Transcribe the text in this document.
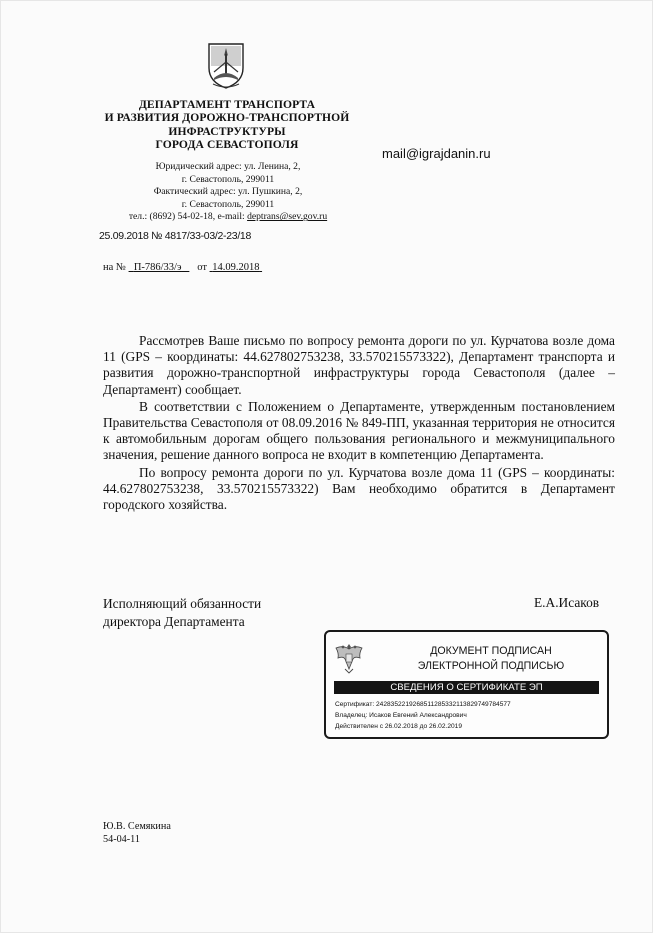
ДЕПАРТАМЕНТ ТРАНСПОРТА
И РАЗВИТИЯ ДОРОЖНО-ТРАНСПОРТНОЙ
ИНФРАСТРУКТУРЫ
ГОРОДА СЕВАСТОПОЛЯ
Юридический адрес: ул. Ленина, 2,
г. Севастополь, 299011
Фактический адрес: ул. Пушкина, 2,
г. Севастополь, 299011
тел.: (8692) 54-02-18, e-mail: deptrans@sev.gov.ru
mail@igrajdanin.ru
25.09.2018 № 4817/33-03/2-23/18
на № П-786/33/э от 14.09.2018

Рассмотрев Ваше письмо по вопросу ремонта дороги по ул. Курчатова возле дома 11 (GPS – координаты: 44.627802753238, 33.570215573322), Департамент транспорта и развития дорожно-транспортной инфраструктуры города Севастополя (далее – Департамент) сообщает.

В соответствии с Положением о Департаменте, утвержденным постановлением Правительства Севастополя от 08.09.2016 № 849-ПП, указанная территория не относится к автомобильным дорогам общего пользования регионального и межмуниципального значения, решение данного вопроса не входит в компетенцию Департамента.

По вопросу ремонта дороги по ул. Курчатова возле дома 11 (GPS – координаты: 44.627802753238, 33.570215573322) Вам необходимо обратится в Департамент городского хозяйства.

Исполняющий обязанности
директора Департамента
Е.А.Исаков
ДОКУМЕНТ ПОДПИСАН
ЭЛЕКТРОННОЙ ПОДПИСЬЮ
СВЕДЕНИЯ О СЕРТИФИКАТЕ ЭП
Сертификат: 242835221926851128533211382974978457​7
Владелец: Исаков Евгений Александрович
Действителен с 26.02.2018 до 26.02.2019
Ю.В. Семякина
54-04-11
